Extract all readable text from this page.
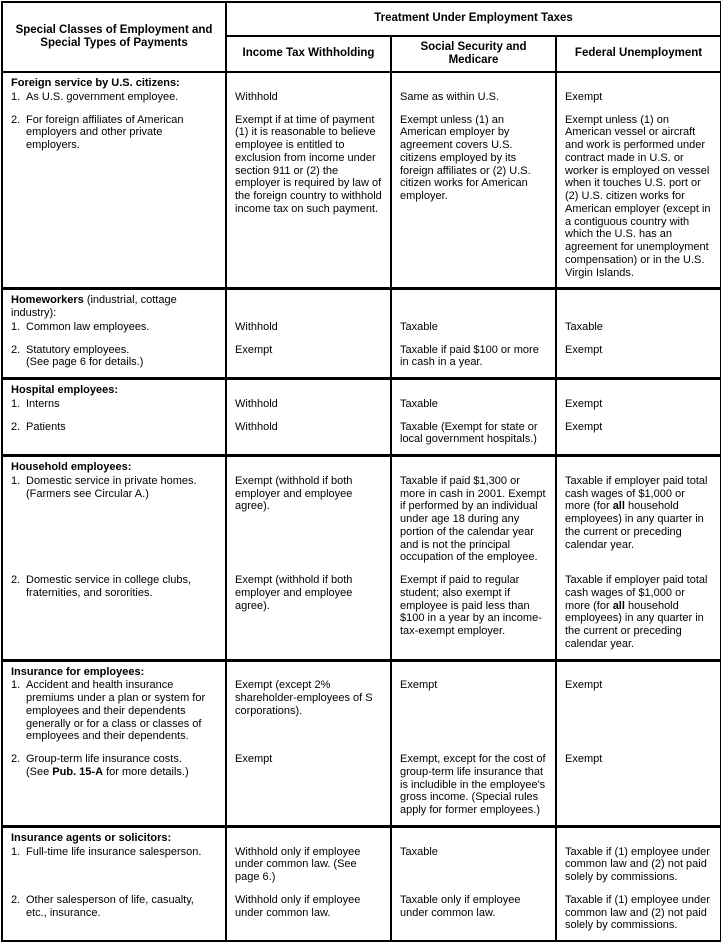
Special Classes of Employment and Special Types of Payments	Treatment Under Employment Taxes		
	Income Tax Withholding	Social Security and Medicare	Federal Unemployment
Foreign service by U.S. citizens:			

1. As U.S. government employee.	Withhold	Same as within U.S.	Exempt

2. For foreign affiliates of American employers and other private employers.
	Exempt if at time of payment (1) it is reasonable to believe employee is entitled to exclusion from income under section 911 or (2) the employer is required by law of the foreign country to withhold income tax on such payment.	Exempt unless (1) an American employer by agreement covers U.S. citizens employed by its foreign affiliates or (2) U.S. citizen works for American employer.	Exempt unless (1) on American vessel or aircraft and work is performed under contract made in U.S. or worker is employed on vessel when it touches U.S. port or (2) U.S. citizen works for American employer (except in a contiguous country with which the U.S. has an agreement for unemployment compensation) or in the U.S. Virgin Islands.
Homeworkers (industrial, cottage industry):			

1. Common law employees.	Withhold	Taxable	Taxable

2. Statutory employees.
(See page 6 for details.)	Exempt	Taxable if paid $100 or more in cash in a year.	Exempt
Hospital employees:			

1. Interns	Withhold	Taxable	Exempt

2. Patients	Withhold	Taxable (Exempt for state or local government hospitals.)	Exempt
Household employees:			

1. Domestic service in private homes.
(Farmers see Circular A.)	Exempt (withhold if both employer and employee agree).	Taxable if paid $1,300 or more in cash in 2001. Exempt if performed by an individual under age 18 during any portion of the calendar year and is not the principal occupation of the employee.	Taxable if employer paid total cash wages of $1,000 or more (for all household employees) in any quarter in the current or preceding calendar year.

2. Domestic service in college clubs, fraternities, and sororities.	Exempt (withhold if both employer and employee agree).	Exempt if paid to regular student; also exempt if employee is paid less than $100 in a year by an income-tax-exempt employer.	Taxable if employer paid total cash wages of $1,000 or more (for all household employees) in any quarter in the current or preceding calendar year.
Insurance for employees:			

1. Accident and health insurance premiums under a plan or system for employees and their dependents generally or for a class or classes of employees and their dependents.	Exempt (except 2% shareholder-employees of S corporations).	Exempt	Exempt

2. Group-term life insurance costs.
(See Pub. 15-A for more details.)	Exempt	Exempt, except for the cost of group-term life insurance that is includible in the employee's gross income. (Special rules apply for former employees.)	Exempt
Insurance agents or solicitors:			

1. Full-time life insurance salesperson.	Withhold only if employee under common law. (See page 6.)	Taxable	Taxable if (1) employee under common law and (2) not paid solely by commissions.

2. Other salesperson of life, casualty, etc., insurance.	Withhold only if employee under common law.	Taxable only if employee under common law.	Taxable if (1) employee under common law and (2) not paid solely by commissions.
